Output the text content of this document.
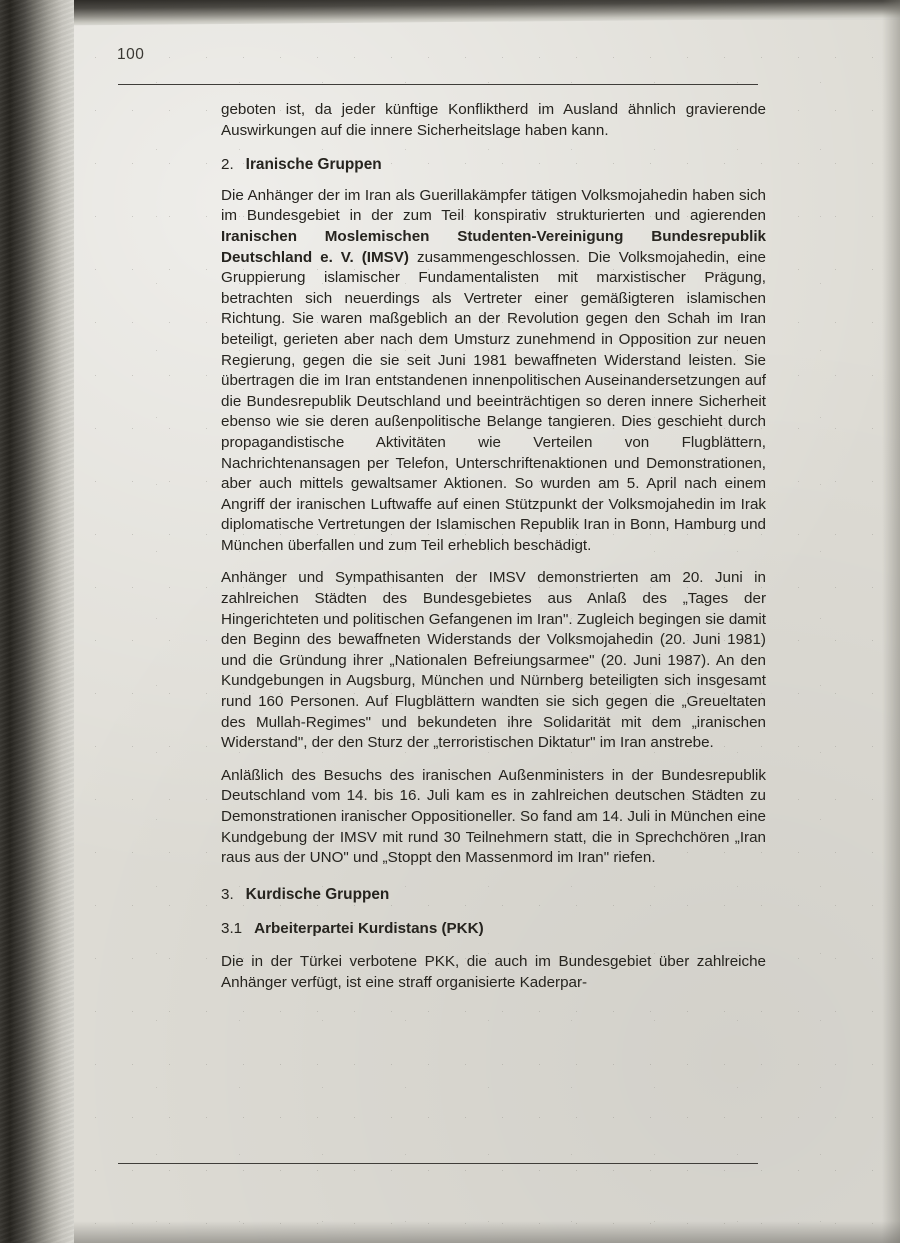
100

geboten ist, da jeder künftige Konfliktherd im Ausland ähnlich gravierende Auswirkungen auf die innere Sicherheitslage haben kann.

2. Iranische Gruppen

Die Anhänger der im Iran als Guerillakämpfer tätigen Volksmojahedin haben sich im Bundesgebiet in der zum Teil konspirativ strukturierten und agierenden Iranischen Moslemischen Studenten-Vereinigung Bundesrepublik Deutschland e. V. (IMSV) zusammengeschlossen. Die Volksmojahedin, eine Gruppierung islamischer Fundamentalisten mit marxistischer Prägung, betrachten sich neuerdings als Vertreter einer gemäßigteren islamischen Richtung. Sie waren maßgeblich an der Revolution gegen den Schah im Iran beteiligt, gerieten aber nach dem Umsturz zunehmend in Opposition zur neuen Regierung, gegen die sie seit Juni 1981 bewaffneten Widerstand leisten. Sie übertragen die im Iran entstandenen innenpolitischen Auseinandersetzungen auf die Bundesrepublik Deutschland und beeinträchtigen so deren innere Sicherheit ebenso wie sie deren außenpolitische Belange tangieren. Dies geschieht durch propagandistische Aktivitäten wie Verteilen von Flugblättern, Nachrichtenansagen per Telefon, Unterschriftenaktionen und Demonstrationen, aber auch mittels gewaltsamer Aktionen. So wurden am 5. April nach einem Angriff der iranischen Luftwaffe auf einen Stützpunkt der Volksmojahedin im Irak diplomatische Vertretungen der Islamischen Republik Iran in Bonn, Hamburg und München überfallen und zum Teil erheblich beschädigt.

Anhänger und Sympathisanten der IMSV demonstrierten am 20. Juni in zahlreichen Städten des Bundesgebietes aus Anlaß des „Tages der Hingerichteten und politischen Gefangenen im Iran". Zugleich begingen sie damit den Beginn des bewaffneten Widerstands der Volksmojahedin (20. Juni 1981) und die Gründung ihrer „Nationalen Befreiungsarmee" (20. Juni 1987). An den Kundgebungen in Augsburg, München und Nürnberg beteiligten sich insgesamt rund 160 Personen. Auf Flugblättern wandten sie sich gegen die „Greueltaten des Mullah-Regimes" und bekundeten ihre Solidarität mit dem „iranischen Widerstand", der den Sturz der „terroristischen Diktatur" im Iran anstrebe.

Anläßlich des Besuchs des iranischen Außenministers in der Bundesrepublik Deutschland vom 14. bis 16. Juli kam es in zahlreichen deutschen Städten zu Demonstrationen iranischer Oppositioneller. So fand am 14. Juli in München eine Kundgebung der IMSV mit rund 30 Teilnehmern statt, die in Sprechchören „Iran raus aus der UNO" und „Stoppt den Massenmord im Iran" riefen.

3. Kurdische Gruppen
3.1 Arbeiterpartei Kurdistans (PKK)

Die in der Türkei verbotene PKK, die auch im Bundesgebiet über zahlreiche Anhänger verfügt, ist eine straff organisierte Kaderpar-
